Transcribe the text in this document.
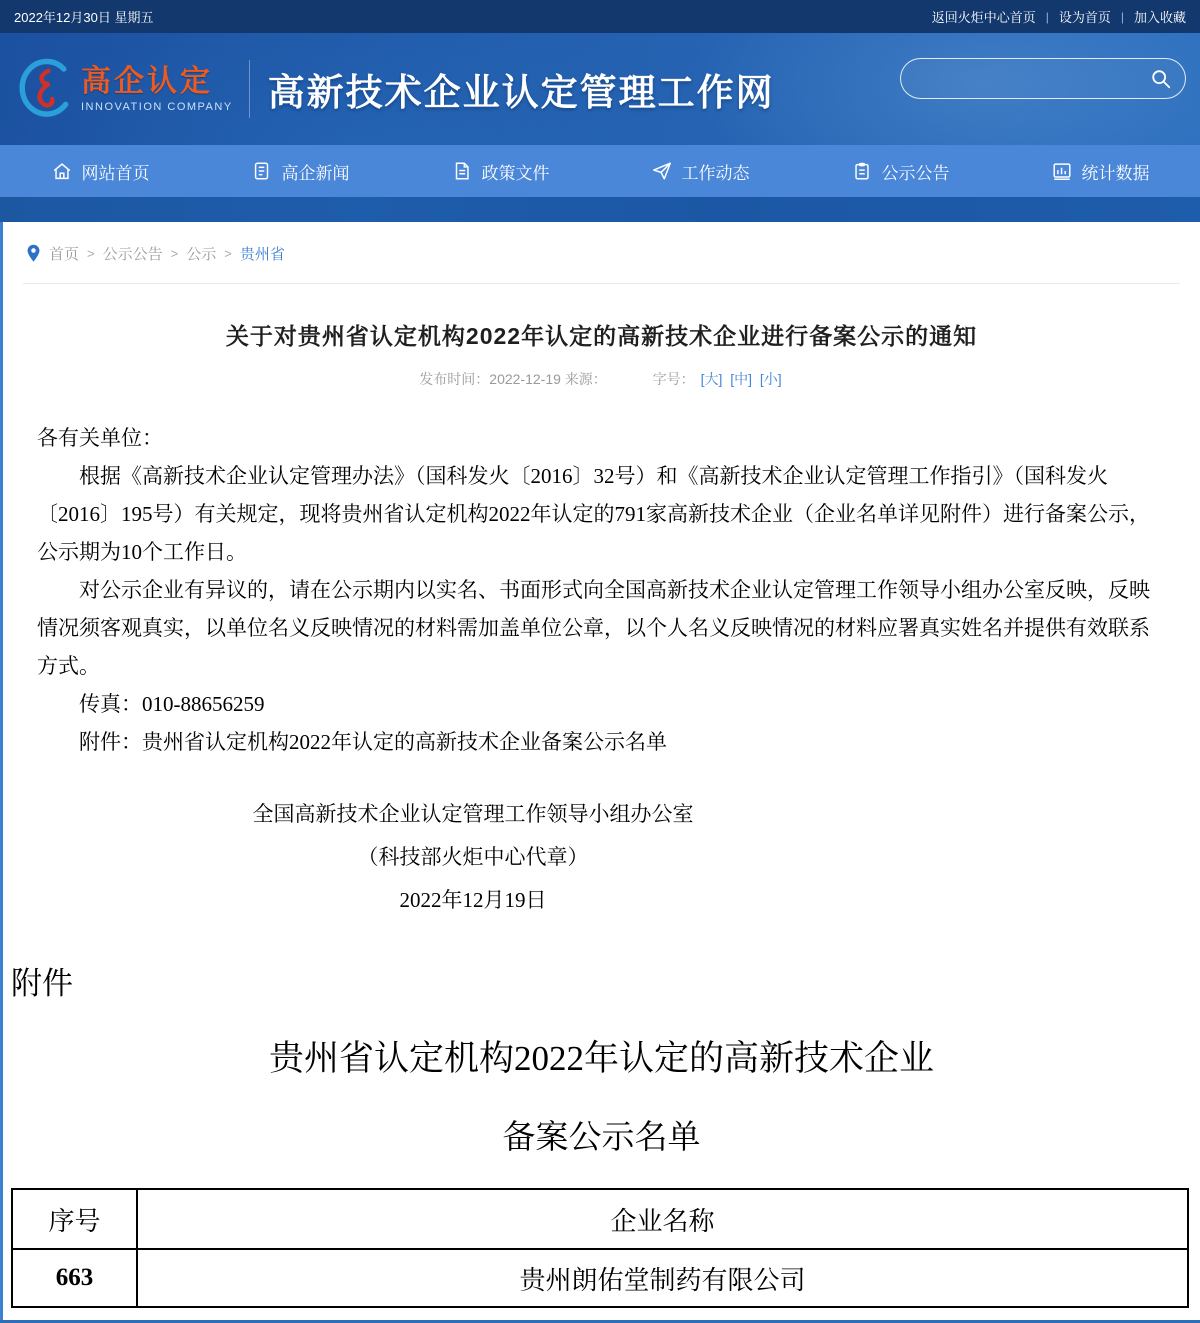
2022年12月30日 星期五	返回火炬中心首页 | 设为首页 | 加入收藏
高企认定
INNOVATION COMPANY 高新技术企业认定管理工作网
网站首页	高企新闻	政策文件	工作动态	公示公告	统计数据
首页 > 公示公告 > 公示 > 贵州省
关于对贵州省认定机构2022年认定的高新技术企业进行备案公示的通知
发布时间：2022-12-19 来源：	字号： [大] [中] [小]

各有关单位：

根据《高新技术企业认定管理办法》（国科发火〔2016〕32号）和《高新技术企业认定管理工作指引》（国科发火〔2016〕195号）有关规定，现将贵州省认定机构2022年认定的791家高新技术企业（企业名单详见附件）进行备案公示，公示期为10个工作日。

对公示企业有异议的，请在公示期内以实名、书面形式向全国高新技术企业认定管理工作领导小组办公室反映，反映情况须客观真实，以单位名义反映情况的材料需加盖单位公章，以个人名义反映情况的材料应署真实姓名并提供有效联系方式。

传真：010-88656259

附件：贵州省认定机构2022年认定的高新技术企业备案公示名单

全国高新技术企业认定管理工作领导小组办公室
（科技部火炬中心代章）
2022年12月19日
附件
贵州省认定机构2022年认定的高新技术企业
备案公示名单
序号	企业名称
663	贵州朗佑堂制药有限公司
